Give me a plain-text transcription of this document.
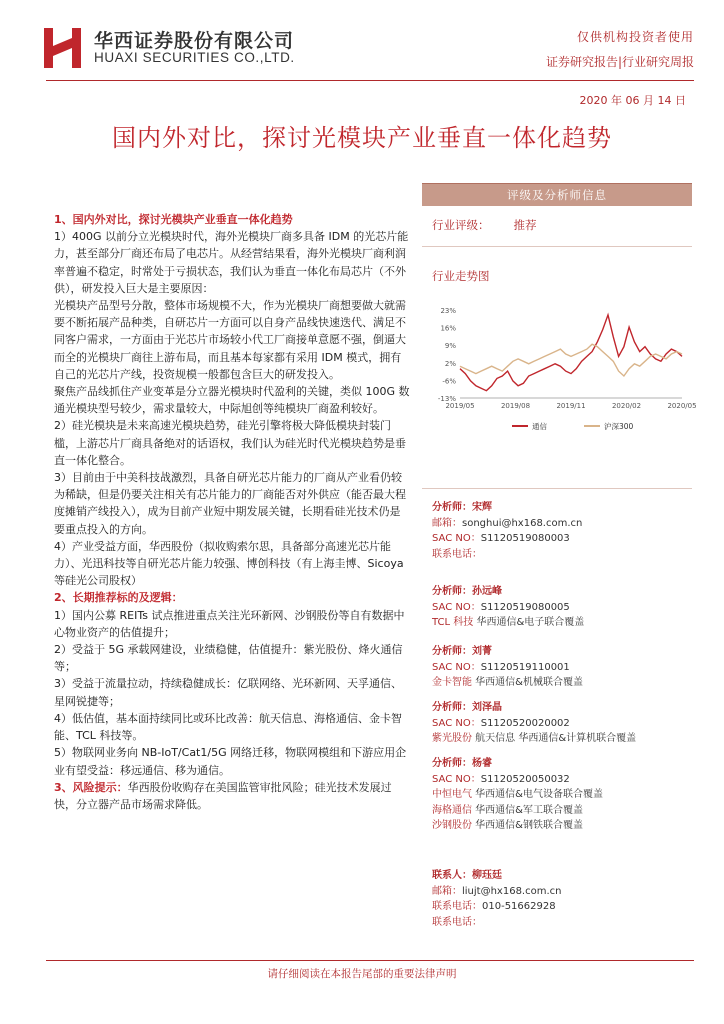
华西证券股份有限公司
HUAXI SECURITIES CO.,LTD.
仅供机构投资者使用
证券研究报告|行业研究周报
2020 年 06 月 14 日
国内外对比，探讨光模块产业垂直一体化趋势

1、国内外对比，探讨光模块产业垂直一体化趋势

1）400G 以前分立光模块时代，海外光模块厂商多具备 IDM 的光芯片能力，甚至部分厂商还布局了电芯片。从经营结果看，海外光模块厂商利润率普遍不稳定，时常处于亏损状态，我们认为垂直一体化布局芯片（不外供），研发投入巨大是主要原因：

光模块产品型号分散，整体市场规模不大，作为光模块厂商想要做大就需要不断拓展产品种类，自研芯片一方面可以自身产品线快速迭代、满足不同客户需求，一方面由于光芯片市场较小代工厂商接单意愿不强，倒逼大而全的光模块厂商往上游布局，而且基本每家都有采用 IDM 模式，拥有自己的光芯片产线，投资规模一般都包含巨大的研发投入。

聚焦产品线抓住产业变革是分立器光模块时代盈利的关键，类似 100G 数通光模块型号较少，需求量较大，中际旭创等纯模块厂商盈利较好。

2）硅光模块是未来高速光模块趋势，硅光引擎将极大降低模块封装门槛，上游芯片厂商具备绝对的话语权，我们认为硅光时代光模块趋势是垂直一体化整合。

3）目前由于中美科技战激烈，具备自研光芯片能力的厂商从产业看仍较为稀缺，但是仍要关注相关有芯片能力的厂商能否对外供应（能否最大程度摊销产线投入），成为目前产业短中期发展关键，长期看硅光技术仍是要重点投入的方向。

4）产业受益方面，华西股份（拟收购索尔思，具备部分高速光芯片能力）、光迅科技等自研光芯片能力较强、博创科技（有上海圭博、Sicoya 等硅光公司股权）

2、长期推荐标的及逻辑：

1）国内公募 REITs 试点推进重点关注光环新网、沙钢股份等自有数据中心物业资产的估值提升；

2）受益于 5G 承载网建设，业绩稳健，估值提升：紫光股份、烽火通信等；

3）受益于流量拉动，持续稳健成长：亿联网络、光环新网、天孚通信、星网锐捷等；

4）低估值，基本面持续同比或环比改善：航天信息、海格通信、金卡智能、TCL 科技等。

5）物联网业务向 NB-IoT/Cat1/5G 网络迁移，物联网模组和下游应用企业有望受益：移远通信、移为通信。

3、风险提示：华西股份收购存在美国监管审批风险；硅光技术发展过快，分立器产品市场需求降低。

评级及分析师信息
行业评级： 推荐
行业走势图
23%
16%
9%
2%
-6%
-13%
2019/05	2019/08	2019/11	2020/02	2020/05
通信	沪深300
分析师：宋辉
邮箱：songhui@hx168.com.cn
SAC NO：S1120519080003
联系电话：
分析师：孙远峰
SAC NO：S1120519080005
TCL 科技 华西通信&电子联合覆盖
分析师：刘菁
SAC NO：S1120519110001
金卡智能 华西通信&机械联合覆盖
分析师：刘泽晶
SAC NO：S1120520020002
紫光股份 航天信息 华西通信&计算机联合覆盖
分析师：杨睿
SAC NO：S1120520050032
中恒电气 华西通信&电气设备联合覆盖
海格通信 华西通信&军工联合覆盖
沙钢股份 华西通信&钢铁联合覆盖
联系人：柳珏廷
邮箱：liujt@hx168.com.cn
联系电话：010-51662928
联系电话：
请仔细阅读在本报告尾部的重要法律声明
